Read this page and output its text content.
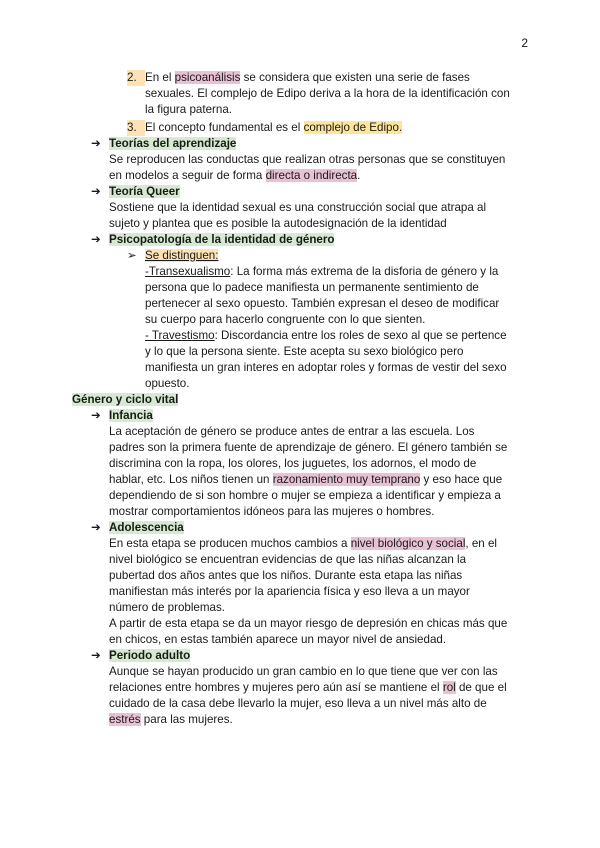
2
2. En el psicoanálisis se considera que existen una serie de fases
sexuales. El complejo de Edipo deriva a la hora de la identificación con
la figura paterna.
3. El concepto fundamental es el complejo de Edipo.
➔ Teorías del aprendizaje
Se reproducen las conductas que realizan otras personas que se constituyen
en modelos a seguir de forma directa o indirecta.
➔ Teoría Queer
Sostiene que la identidad sexual es una construcción social que atrapa al
sujeto y plantea que es posible la autodesignación de la identidad
➔ Psicopatología de la identidad de género
➢ Se distinguen:
-Transexualismo: La forma más extrema de la disforia de género y la
persona que lo padece manifiesta un permanente sentimiento de
pertenecer al sexo opuesto. También expresan el deseo de modificar
su cuerpo para hacerlo congruente con lo que sienten.
- Travestismo: Discordancia entre los roles de sexo al que se pertence
y lo que la persona siente. Este acepta su sexo biológico pero
manifiesta un gran interes en adoptar roles y formas de vestir del sexo
opuesto.
Género y ciclo vital
➔ Infancia
La aceptación de género se produce antes de entrar a las escuela. Los
padres son la primera fuente de aprendizaje de género. El género también se
discrimina con la ropa, los olores, los juguetes, los adornos, el modo de
hablar, etc. Los niños tienen un razonamiento muy temprano y eso hace que
dependiendo de si son hombre o mujer se empieza a identificar y empieza a
mostrar comportamientos idóneos para las mujeres o hombres.
➔ Adolescencia
En esta etapa se producen muchos cambios a nivel biológico y social, en el
nivel biológico se encuentran evidencias de que las niñas alcanzan la
pubertad dos años antes que los niños. Durante esta etapa las niñas
manifiestan más interés por la apariencia física y eso lleva a un mayor
número de problemas.
A partir de esta etapa se da un mayor riesgo de depresión en chicas más que
en chicos, en estas también aparece un mayor nivel de ansiedad.
➔ Periodo adulto
Aunque se hayan producido un gran cambio en lo que tiene que ver con las
relaciones entre hombres y mujeres pero aún así se mantiene el rol de que el
cuidado de la casa debe llevarlo la mujer, eso lleva a un nivel más alto de
estrés para las mujeres.
